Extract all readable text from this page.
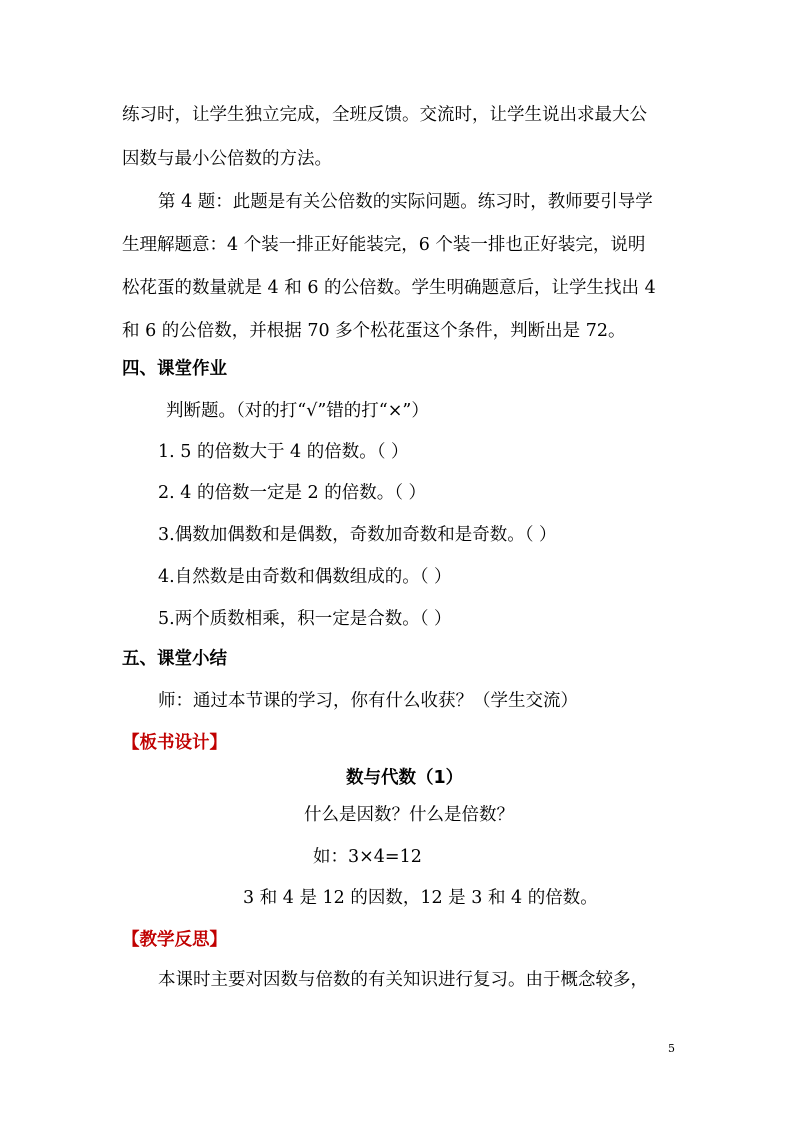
练习时，让学生独立完成，全班反馈。交流时，让学生说出求最大公
因数与最小公倍数的方法。
第 4 题：此题是有关公倍数的实际问题。练习时，教师要引导学
生理解题意：4 个装一排正好能装完，6 个装一排也正好装完，说明
松花蛋的数量就是 4 和 6 的公倍数。学生明确题意后，让学生找出 4
和 6 的公倍数，并根据 70 多个松花蛋这个条件，判断出是 72。
四、课堂作业
判断题。（对的打“√”错的打“×”）
1. 5 的倍数大于 4 的倍数。（ ）
2. 4 的倍数一定是 2 的倍数。（ ）
3.偶数加偶数和是偶数，奇数加奇数和是奇数。（ ）
4.自然数是由奇数和偶数组成的。（ ）
5.两个质数相乘，积一定是合数。（ ）
五、课堂小结
师：通过本节课的学习，你有什么收获？（学生交流）
【板书设计】
数与代数（1）
什么是因数？什么是倍数？
如：3×4=12
3 和 4 是 12 的因数，12 是 3 和 4 的倍数。
【教学反思】
本课时主要对因数与倍数的有关知识进行复习。由于概念较多，
5
